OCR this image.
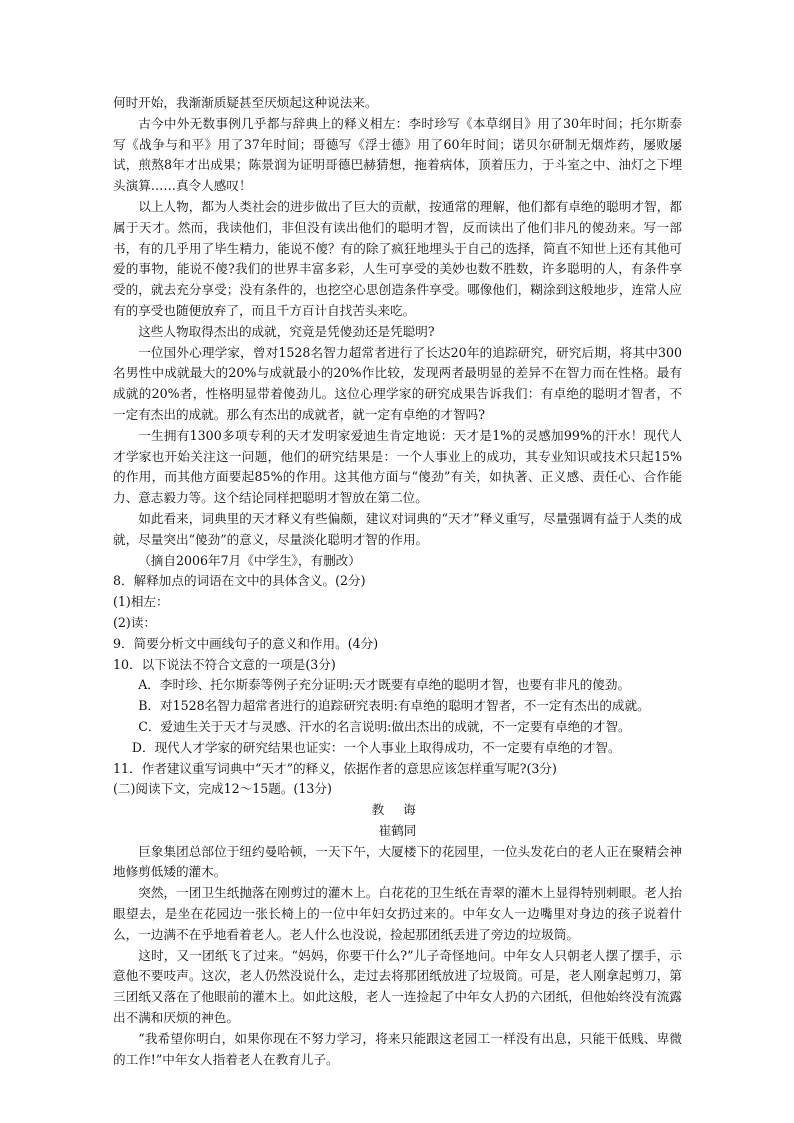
何时开始，我渐渐质疑甚至厌烦起这种说法来。

古今中外无数事例几乎都与辞典上的释义相左：李时珍写《本草纲目》用了30年时间；托尔斯泰写《战争与和平》用了37年时间；哥德写《浮士德》用了60年时间；诺贝尔研制无烟炸药，屡败屡试，煎熬8年才出成果；陈景润为证明哥德巴赫猜想，拖着病体，顶着压力，于斗室之中、油灯之下埋头演算……真令人感叹！

以上人物，都为人类社会的进步做出了巨大的贡献，按通常的理解，他们都有卓绝的聪明才智，都属于天才。然而，我读他们，非但没有读出他们的聪明才智，反而读出了他们非凡的傻劲来。写一部书，有的几乎用了毕生精力，能说不傻？有的除了疯狂地埋头于自己的选择，简直不知世上还有其他可爱的事物，能说不傻?我们的世界丰富多彩，人生可享受的美妙也数不胜数，许多聪明的人，有条件享受的，就去充分享受；没有条件的，也挖空心思创造条件享受。哪像他们，糊涂到这般地步，连常人应有的享受也随便放弃了，而且千方百计自找苦头来吃。

这些人物取得杰出的成就，究竟是凭傻劲还是凭聪明?

一位国外心理学家，曾对1528名智力超常者进行了长达20年的追踪研究，研究后期，将其中300名男性中成就最大的20%与成就最小的20%作比较，发现两者最明显的差异不在智力而在性格。最有成就的20%者，性格明显带着傻劲儿。这位心理学家的研究成果告诉我们：有卓绝的聪明才智者，不一定有杰出的成就。那么有杰出的成就者，就一定有卓绝的才智吗?

一生拥有1300多项专利的天才发明家爱迪生肯定地说：天才是1%的灵感加99%的汗水！现代人才学家也开始关注这一问题，他们的研究结果是：一个人事业上的成功，其专业知识或技术只起15%的作用，而其他方面要起85%的作用。这其他方面与“傻劲”有关，如执著、正义感、责任心、合作能力、意志毅力等。这个结论同样把聪明才智放在第二位。

如此看来，词典里的天才释义有些偏颇，建议对词典的“天才”释义重写，尽量强调有益于人类的成就，尽量突出“傻劲”的意义，尽量淡化聪明才智的作用。

（摘自2006年7月《中学生》，有删改）

8．解释加点的词语在文中的具体含义。(2分)

(1)相左：

(2)读：

9．简要分析文中画线句子的意义和作用。(4分)

10．以下说法不符合文意的一项是(3分)

A．李时珍、托尔斯泰等例子充分证明:天才既要有卓绝的聪明才智，也要有非凡的傻劲。

B．对1528名智力超常者进行的追踪研究表明:有卓绝的聪明才智者，不一定有杰出的成就。

C．爱迪生关于天才与灵感、汗水的名言说明:做出杰出的成就，不一定要有卓绝的才智。

D．现代人才学家的研究结果也证实：一个人事业上取得成功，不一定要有卓绝的才智。

11．作者建议重写词典中“天才”的释义，依据作者的意思应该怎样重写呢?(3分)

(二)阅读下文，完成12～15题。(13分)

教 诲

崔鹤同

巨象集团总部位于纽约曼哈顿，一天下午，大厦楼下的花园里，一位头发花白的老人正在聚精会神地修剪低矮的灌木。

突然，一团卫生纸抛落在刚剪过的灌木上。白花花的卫生纸在青翠的灌木上显得特别刺眼。老人抬眼望去，是坐在花园边一张长椅上的一位中年妇女扔过来的。中年女人一边嘴里对身边的孩子说着什么，一边满不在乎地看着老人。老人什么也没说，捡起那团纸丢进了旁边的垃圾筒。

这时，又一团纸飞了过来。“妈妈，你要干什么?”儿子奇怪地问。中年女人只朝老人摆了摆手，示意他不要吱声。这次，老人仍然没说什么，走过去将那团纸放进了垃圾筒。可是，老人刚拿起剪刀，第三团纸又落在了他眼前的灌木上。如此这般，老人一连捡起了中年女人扔的六团纸，但他始终没有流露出不满和厌烦的神色。

“我希望你明白，如果你现在不努力学习，将来只能跟这老园工一样没有出息，只能干低贱、卑微的工作!”中年女人指着老人在教育儿子。
